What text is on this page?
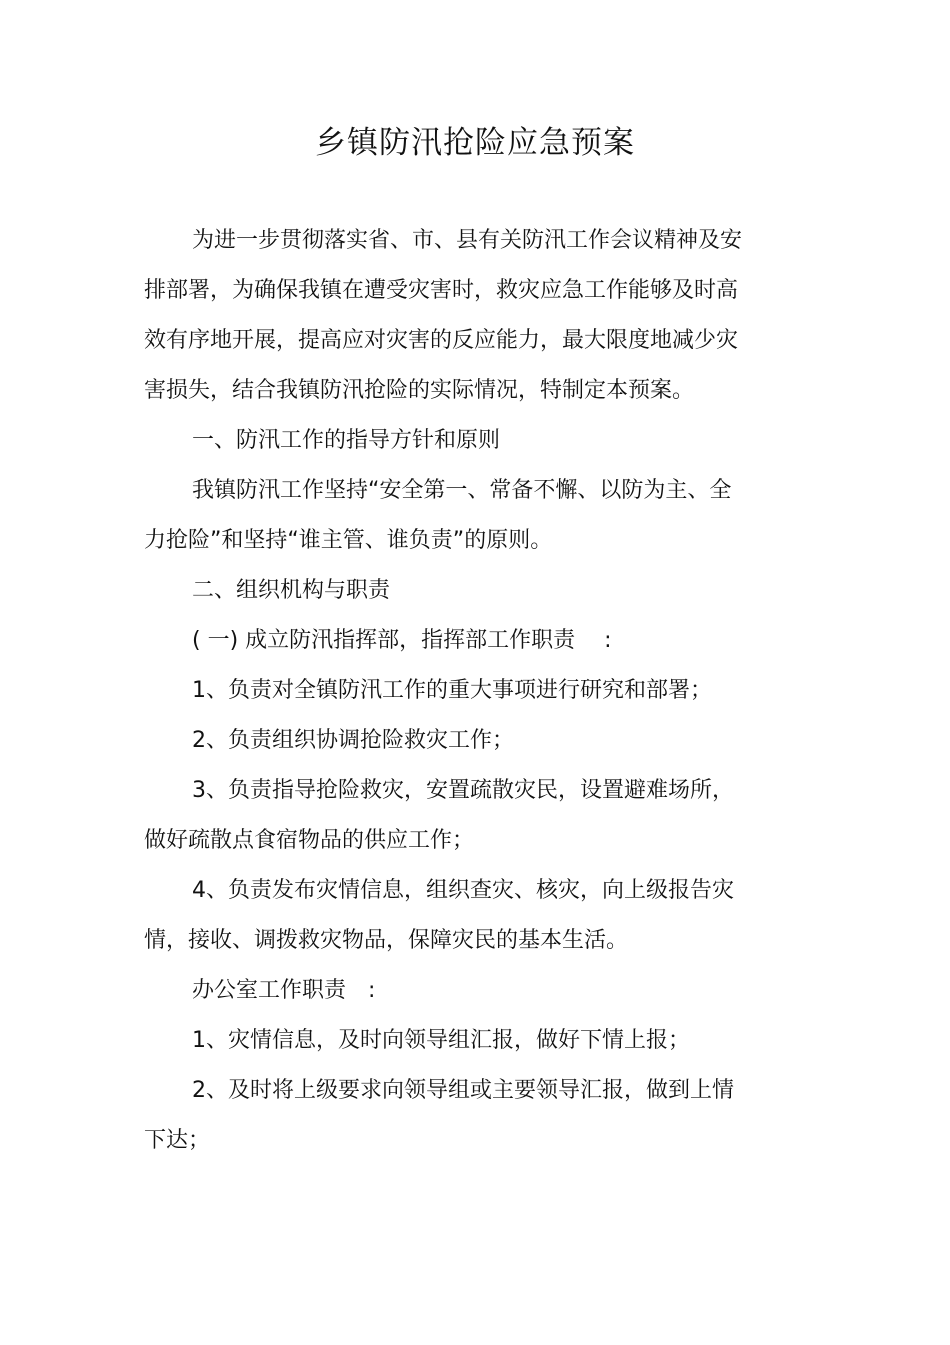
乡镇防汛抢险应急预案

为进一步贯彻落实省、市、县有关防汛工作会议精神及安排部署，为确保我镇在遭受灾害时，救灾应急工作能够及时高效有序地开展，提高应对灾害的反应能力，最大限度地减少灾害损失，结合我镇防汛抢险的实际情况，特制定本预案。

一、防汛工作的指导方针和原则

我镇防汛工作坚持“安全第一、常备不懈、以防为主、全力抢险”和坚持“谁主管、谁负责”的原则。

二、组织机构与职责

( 一) 成立防汛指挥部，指挥部工作职责　 :

1、负责对全镇防汛工作的重大事项进行研究和部署；

2、负责组织协调抢险救灾工作；

3、负责指导抢险救灾，安置疏散灾民，设置避难场所，做好疏散点食宿物品的供应工作；

4、负责发布灾情信息，组织查灾、核灾，向上级报告灾情，接收、调拨救灾物品，保障灾民的基本生活。

办公室工作职责　:

1、灾情信息，及时向领导组汇报，做好下情上报；

2、及时将上级要求向领导组或主要领导汇报，做到上情下达；
